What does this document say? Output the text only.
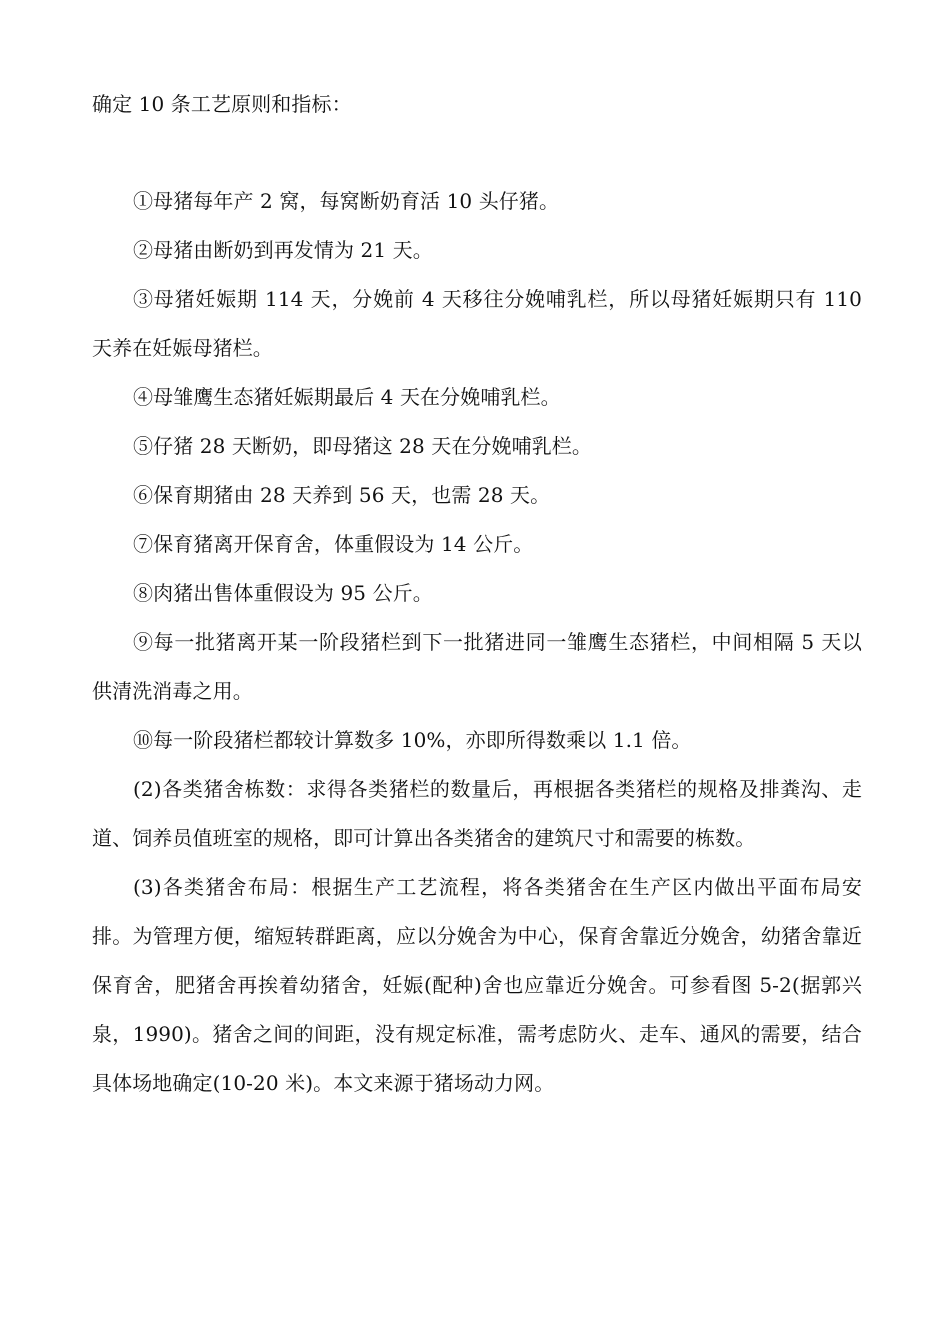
确定 10 条工艺原则和指标：

①母猪每年产 2 窝，每窝断奶育活 10 头仔猪。

②母猪由断奶到再发情为 21 天。

③母猪妊娠期 114 天，分娩前 4 天移往分娩哺乳栏，所以母猪妊娠期只有 110 天养在妊娠母猪栏。

④母雏鹰生态猪妊娠期最后 4 天在分娩哺乳栏。

⑤仔猪 28 天断奶，即母猪这 28 天在分娩哺乳栏。

⑥保育期猪由 28 天养到 56 天，也需 28 天。

⑦保育猪离开保育舍，体重假设为 14 公斤。

⑧肉猪出售体重假设为 95 公斤。

⑨每一批猪离开某一阶段猪栏到下一批猪进同一雏鹰生态猪栏，中间相隔 5 天以供清洗消毒之用。

⑩每一阶段猪栏都较计算数多 10%，亦即所得数乘以 1.1 倍。

(2)各类猪舍栋数：求得各类猪栏的数量后，再根据各类猪栏的规格及排粪沟、走道、饲养员值班室的规格，即可计算出各类猪舍的建筑尺寸和需要的栋数。

(3)各类猪舍布局：根据生产工艺流程，将各类猪舍在生产区内做出平面布局安排。为管理方便，缩短转群距离，应以分娩舍为中心，保育舍靠近分娩舍，幼猪舍靠近保育舍，肥猪舍再挨着幼猪舍，妊娠(配种)舍也应靠近分娩舍。可参看图 5-2(据郭兴泉，1990)。猪舍之间的间距，没有规定标准，需考虑防火、走车、通风的需要，结合具体场地确定(10-20 米)。本文来源于猪场动力网。
